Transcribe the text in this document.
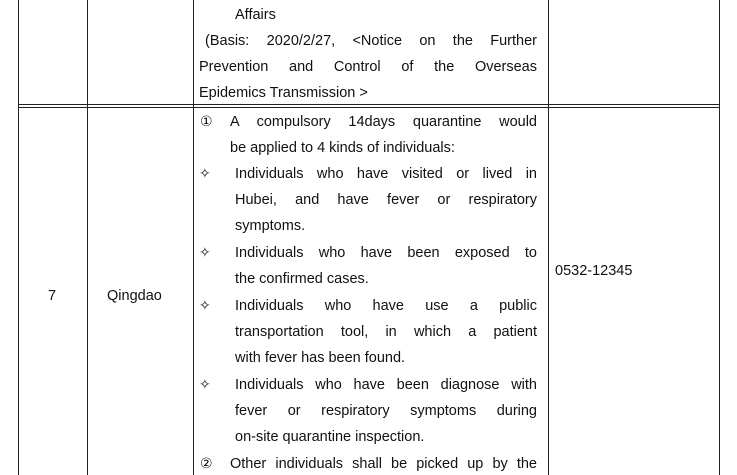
Affairs
(Basis: 2020/2/27, <Notice on the Further
Prevention and Control of the Overseas
Epidemics Transmission >
7	Qingdao
0532-12345
① A compulsory 14days quarantine would
be applied to 4 kinds of individuals:
✧ Individuals who have visited or lived in
Hubei, and have fever or respiratory
symptoms.
✧ Individuals who have been exposed to
the confirmed cases.
✧ Individuals who have use a public
transportation tool, in which a patient
with fever has been found.
✧ Individuals who have been diagnose with
fever or respiratory symptoms during
on-site quarantine inspection.
② Other individuals shall be picked up by the
